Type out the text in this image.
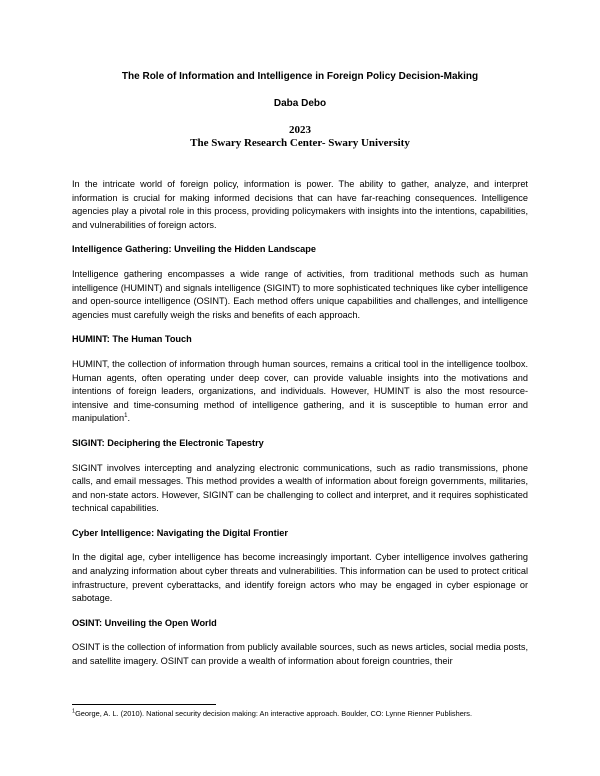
The Role of Information and Intelligence in Foreign Policy Decision-Making
Daba Debo
2023
The Swary Research Center- Swary University

In the intricate world of foreign policy, information is power. The ability to gather, analyze, and interpret information is crucial for making informed decisions that can have far-reaching consequences. Intelligence agencies play a pivotal role in this process, providing policymakers with insights into the intentions, capabilities, and vulnerabilities of foreign actors.

Intelligence Gathering: Unveiling the Hidden Landscape

Intelligence gathering encompasses a wide range of activities, from traditional methods such as human intelligence (HUMINT) and signals intelligence (SIGINT) to more sophisticated techniques like cyber intelligence and open-source intelligence (OSINT). Each method offers unique capabilities and challenges, and intelligence agencies must carefully weigh the risks and benefits of each approach.

HUMINT: The Human Touch

HUMINT, the collection of information through human sources, remains a critical tool in the intelligence toolbox. Human agents, often operating under deep cover, can provide valuable insights into the motivations and intentions of foreign leaders, organizations, and individuals. However, HUMINT is also the most resource-intensive and time-consuming method of intelligence gathering, and it is susceptible to human error and manipulation$^1$.

SIGINT: Deciphering the Electronic Tapestry

SIGINT involves intercepting and analyzing electronic communications, such as radio transmissions, phone calls, and email messages. This method provides a wealth of information about foreign governments, militaries, and non-state actors. However, SIGINT can be challenging to collect and interpret, and it requires sophisticated technical capabilities.

Cyber Intelligence: Navigating the Digital Frontier

In the digital age, cyber intelligence has become increasingly important. Cyber intelligence involves gathering and analyzing information about cyber threats and vulnerabilities. This information can be used to protect critical infrastructure, prevent cyberattacks, and identify foreign actors who may be engaged in cyber espionage or sabotage.

OSINT: Unveiling the Open World

OSINT is the collection of information from publicly available sources, such as news articles, social media posts, and satellite imagery. OSINT can provide a wealth of information about foreign countries, their

$^1$George, A. L. (2010). National security decision making: An interactive approach. Boulder, CO: Lynne Rienner Publishers.
